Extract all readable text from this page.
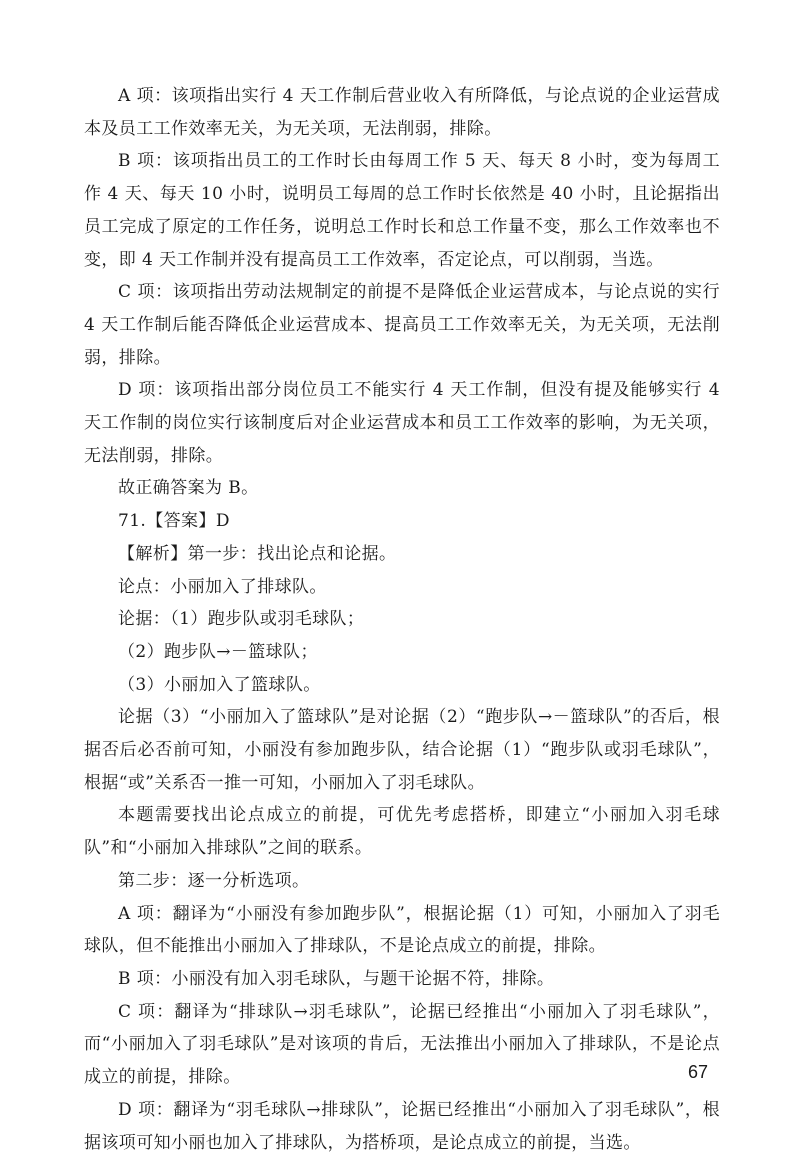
A 项：该项指出实行 4 天工作制后营业收入有所降低，与论点说的企业运营成本及员工工作效率无关，为无关项，无法削弱，排除。

B 项：该项指出员工的工作时长由每周工作 5 天、每天 8 小时，变为每周工作 4 天、每天 10 小时，说明员工每周的总工作时长依然是 40 小时，且论据指出员工完成了原定的工作任务，说明总工作时长和总工作量不变，那么工作效率也不变，即 4 天工作制并没有提高员工工作效率，否定论点，可以削弱，当选。

C 项：该项指出劳动法规制定的前提不是降低企业运营成本，与论点说的实行 4 天工作制后能否降低企业运营成本、提高员工工作效率无关，为无关项，无法削弱，排除。

D 项：该项指出部分岗位员工不能实行 4 天工作制，但没有提及能够实行 4 天工作制的岗位实行该制度后对企业运营成本和员工工作效率的影响，为无关项，无法削弱，排除。

故正确答案为 B。

71.【答案】D

【解析】第一步：找出论点和论据。

论点：小丽加入了排球队。

论据：（1）跑步队或羽毛球队；

（2）跑步队→－篮球队；

（3）小丽加入了篮球队。

论据（3）“小丽加入了篮球队”是对论据（2）“跑步队→－篮球队”的否后，根据否后必否前可知，小丽没有参加跑步队，结合论据（1）“跑步队或羽毛球队”，根据“或”关系否一推一可知，小丽加入了羽毛球队。

本题需要找出论点成立的前提，可优先考虑搭桥，即建立“小丽加入羽毛球队”和“小丽加入排球队”之间的联系。

第二步：逐一分析选项。

A 项：翻译为“小丽没有参加跑步队”，根据论据（1）可知，小丽加入了羽毛球队，但不能推出小丽加入了排球队，不是论点成立的前提，排除。

B 项：小丽没有加入羽毛球队，与题干论据不符，排除。

C 项：翻译为“排球队→羽毛球队”，论据已经推出“小丽加入了羽毛球队”，而“小丽加入了羽毛球队”是对该项的肯后，无法推出小丽加入了排球队，不是论点成立的前提，排除。

D 项：翻译为“羽毛球队→排球队”，论据已经推出“小丽加入了羽毛球队”，根据该项可知小丽也加入了排球队，为搭桥项，是论点成立的前提，当选。

67
